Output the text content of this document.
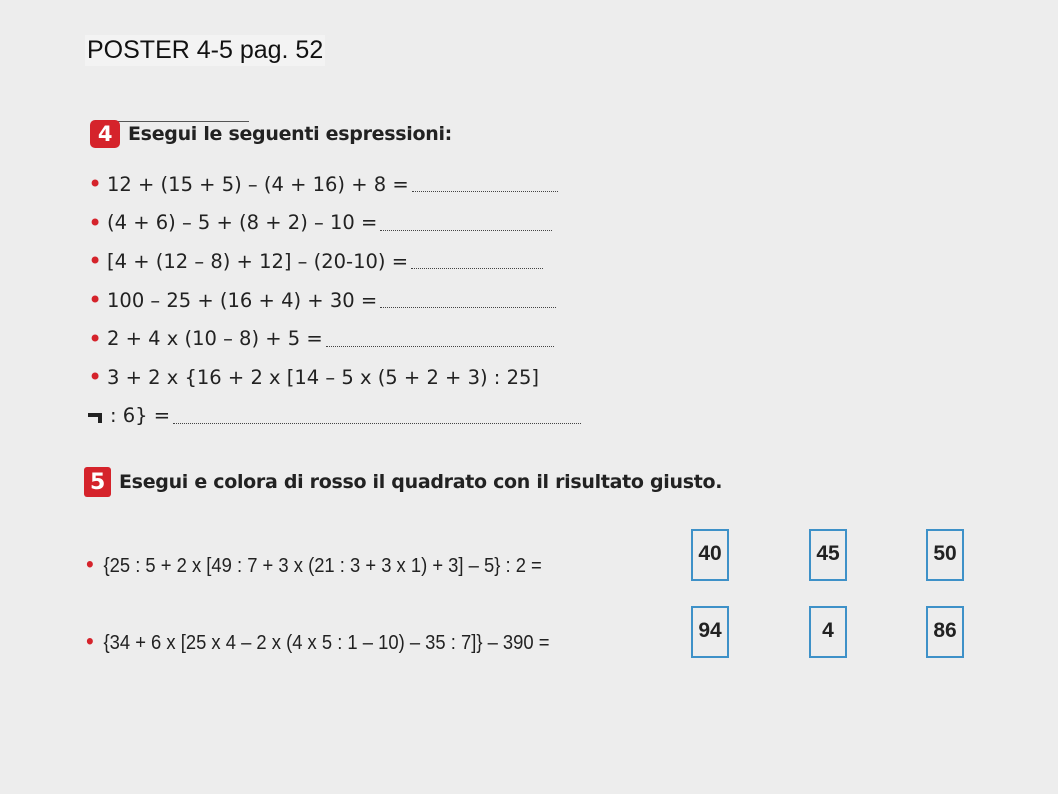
POSTER 4-5 pag. 52
4 Esegui le seguenti espressioni:
• 12 + (15 + 5) – (4 + 16) + 8 =
• (4 + 6) – 5 + (8 + 2) – 10 =
• [4 + (12 – 8) + 12] – (20-10) =
• 100 – 25 + (16 + 4) + 30 =
• 2 + 4 x (10 – 8) + 5 =
• 3 + 2 x {16 + 2 x [14 – 5 x (5 + 2 + 3) : 25]
: 6} =
5 Esegui e colora di rosso il quadrato con il risultato giusto.
• {25 : 5 + 2 x [49 : 7 + 3 x (21 : 3 + 3 x 1) + 3] – 5} : 2 =
40	45	50
• {34 + 6 x [25 x 4 – 2 x (4 x 5 : 1 – 10) – 35 : 7]} – 390 =
94	4	86
